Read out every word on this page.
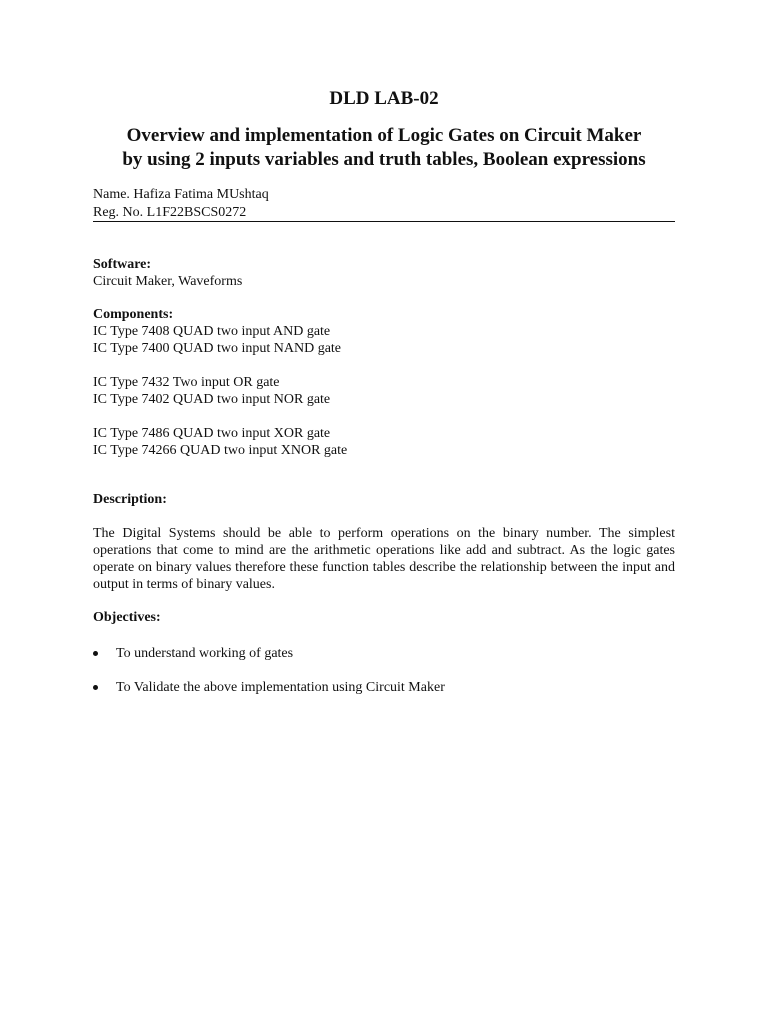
DLD LAB-02
Overview and implementation of Logic Gates on Circuit Maker
by using 2 inputs variables and truth tables, Boolean expressions
Name. Hafiza Fatima MUshtaq
Reg. No. L1F22BSCS0272
Software:
Circuit Maker, Waveforms
Components:
IC Type 7408 QUAD two input AND gate
IC Type 7400 QUAD two input NAND gate
IC Type 7432 Two input OR gate
IC Type 7402 QUAD two input NOR gate
IC Type 7486 QUAD two input XOR gate
IC Type 74266 QUAD two input XNOR gate
Description:
The Digital Systems should be able to perform operations on the binary number. The simplest operations that come to mind are the arithmetic operations like add and subtract. As the logic gates operate on binary values therefore these function tables describe the relationship between the input and output in terms of binary values.
Objectives:
To understand working of gates
To Validate the above implementation using Circuit Maker
